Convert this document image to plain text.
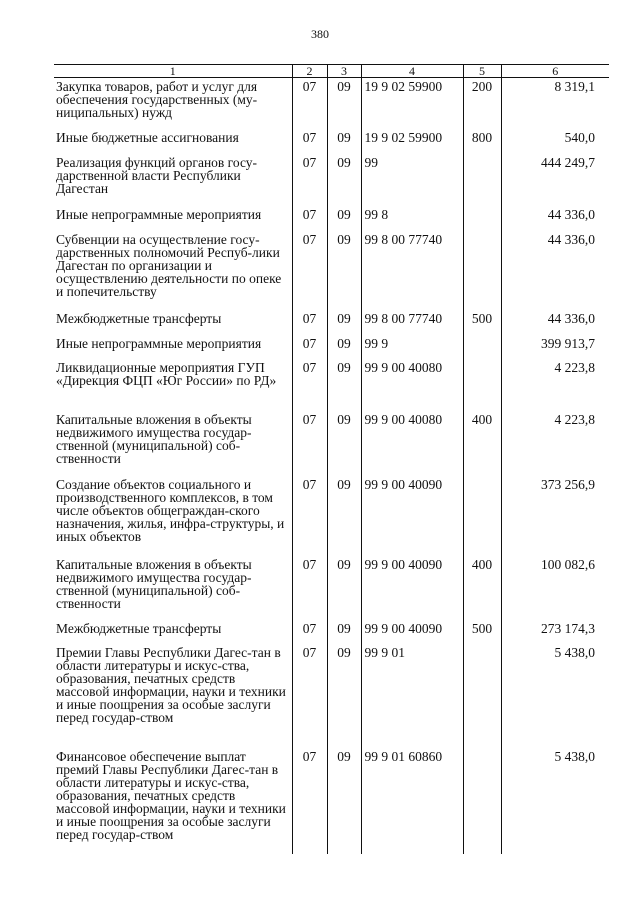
380
1	2	3	4	5	6
Закупка товаров, работ и услуг для обеспечения государственных (му-ниципальных) нужд	07	09	19 9 02 59900	200	8 319,1
Иные бюджетные ассигнования	07	09	19 9 02 59900	800	540,0
Реализация функций органов госу-дарственной власти Республики Дагестан	07	09	99		444 249,7
Иные непрограммные мероприятия	07	09	99 8		44 336,0
Субвенции на осуществление госу-дарственных полномочий Респуб-лики Дагестан по организации и осуществлению деятельности по опеке и попечительству	07	09	99 8 00 77740		44 336,0
Межбюджетные трансферты	07	09	99 8 00 77740	500	44 336,0
Иные непрограммные мероприятия	07	09	99 9		399 913,7
Ликвидационные мероприятия ГУП «Дирекция ФЦП «Юг России» по РД»	07	09	99 9 00 40080		4 223,8
Капитальные вложения в объекты недвижимого имущества государ-ственной (муниципальной) соб-ственности	07	09	99 9 00 40080	400	4 223,8
Создание объектов социального и производственного комплексов, в том числе объектов общеграждан-ского назначения, жилья, инфра-структуры, и иных объектов	07	09	99 9 00 40090		373 256,9
Капитальные вложения в объекты недвижимого имущества государ-ственной (муниципальной) соб-ственности	07	09	99 9 00 40090	400	100 082,6
Межбюджетные трансферты	07	09	99 9 00 40090	500	273 174,3
Премии Главы Республики Дагес-тан в области литературы и искус-ства, образования, печатных средств массовой информации, науки и техники и иные поощрения за особые заслуги перед государ-ством	07	09	99 9 01		5 438,0
Финансовое обеспечение выплат премий Главы Республики Дагес-тан в области литературы и искус-ства, образования, печатных средств массовой информации, науки и техники и иные поощрения за особые заслуги перед государ-ством	07	09	99 9 01 60860		5 438,0
